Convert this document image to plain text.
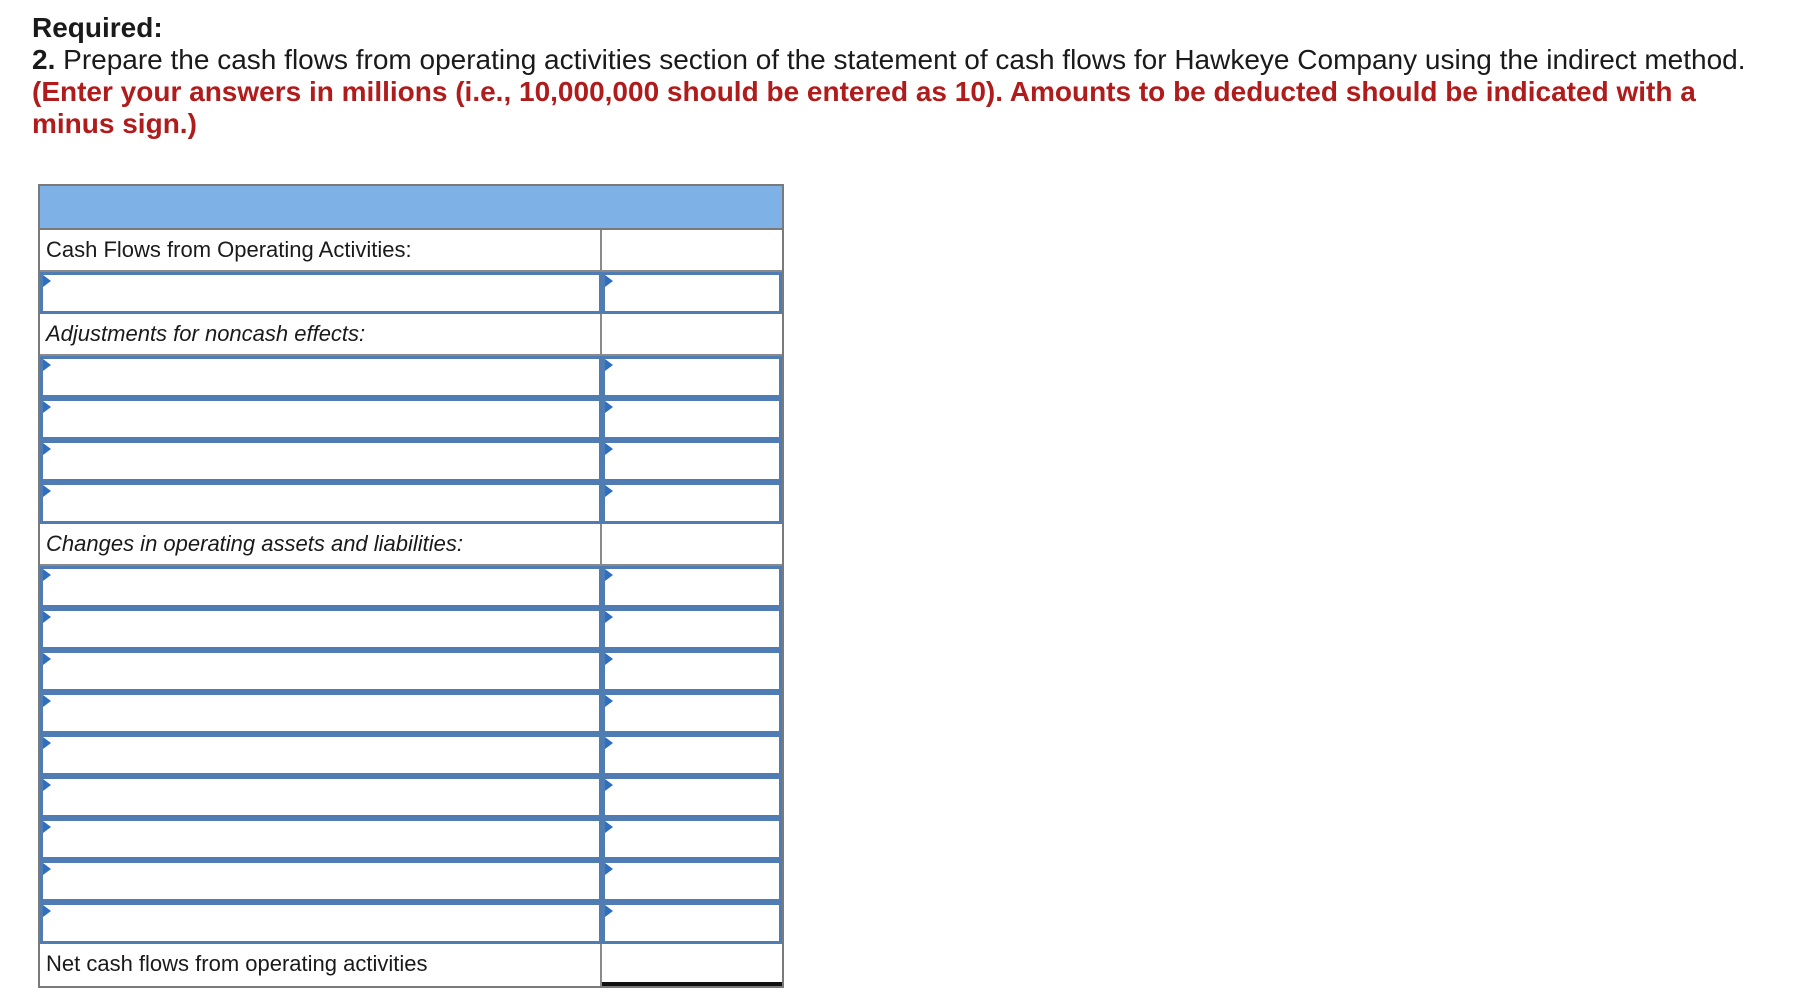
Required:
2. Prepare the cash flows from operating activities section of the statement of cash flows for Hawkeye Company using the indirect method. (Enter your answers in millions (i.e., 10,000,000 should be entered as 10). Amounts to be deducted should be indicated with a minus sign.)
Cash Flows from Operating Activities:
Adjustments for noncash effects:
Changes in operating assets and liabilities:
Net cash flows from operating activities
